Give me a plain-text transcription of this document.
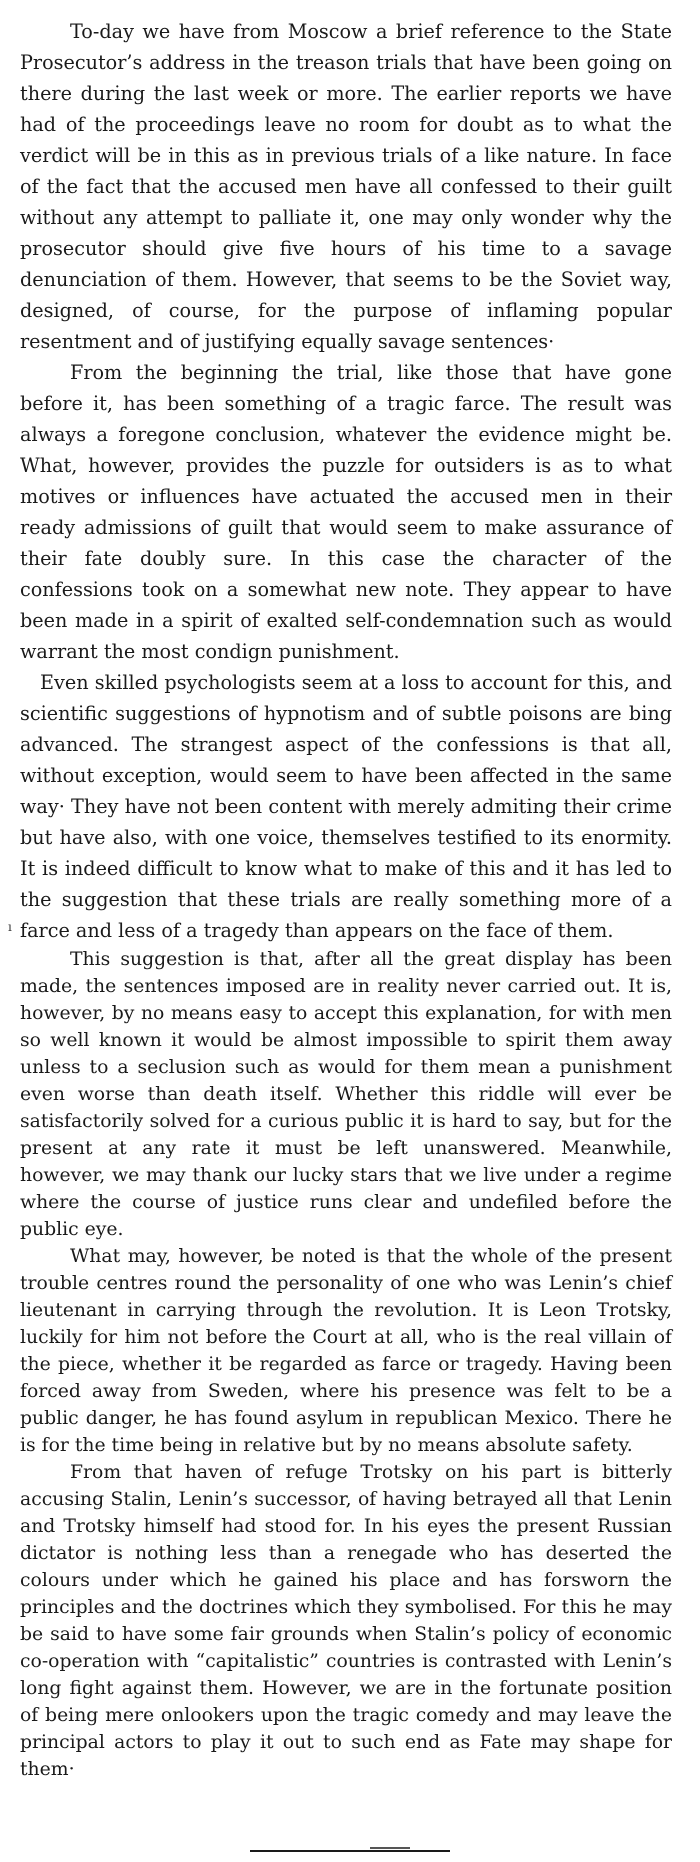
To-day we have from Moscow a brief reference to the State Prosecutor’s address in the treason trials that have been going on there during the last week or more. The earlier reports we have had of the proceedings leave no room for doubt as to what the verdict will be in this as in previous trials of a like nature. In face of the fact that the accused men have all confessed to their guilt without any attempt to palliate it, one may only wonder why the prosecutor should give five hours of his time to a savage denunciation of them. However, that seems to be the Soviet way, designed, of course, for the purpose of inflaming popular resentment and of justifying equally savage sentences·

From the beginning the trial, like those that have gone before it, has been something of a tragic farce. The result was always a foregone conclusion, whatever the evidence might be. What, however, provides the puzzle for outsiders is as to what motives or influences have actuated the accused men in their ready admissions of guilt that would seem to make assurance of their fate doubly sure. In this case the character of the confessions took on a somewhat new note. They appear to have been made in a spirit of exalted self-condemnation such as would warrant the most condign punishment.

Even skilled psychologists seem at a loss to account for this, and scientific suggestions of hypnotism and of subtle poisons are bing advanced. The strangest aspect of the confessions is that all, without exception, would seem to have been affected in the same way· They have not been content with merely admiting their crime but have also, with one voice, themselves testified to its enormity. It is indeed difficult to know what to make of this and it has led to the suggestion that these trials are really something more of a farce and less of a tragedy than appears on the face of them.

This suggestion is that, after all the great display has been made, the sentences imposed are in reality never carried out. It is, however, by no means easy to accept this explanation, for with men so well known it would be almost impossible to spirit them away unless to a seclusion such as would for them mean a punishment even worse than death itself. Whether this riddle will ever be satisfactorily solved for a curious public it is hard to say, but for the present at any rate it must be left unanswered. Meanwhile, however, we may thank our lucky stars that we live under a regime where the course of justice runs clear and undefiled before the public eye.

What may, however, be noted is that the whole of the present trouble centres round the personality of one who was Lenin’s chief lieutenant in carrying through the revolution. It is Leon Trotsky, luckily for him not before the Court at all, who is the real villain of the piece, whether it be regarded as farce or tragedy. Having been forced away from Sweden, where his presence was felt to be a public danger, he has found asylum in republican Mexico. There he is for the time being in relative but by no means absolute safety.

From that haven of refuge Trotsky on his part is bitterly accusing Stalin, Lenin’s successor, of having betrayed all that Lenin and Trotsky himself had stood for. In his eyes the present Russian dictator is nothing less than a renegade who has deserted the colours under which he gained his place and has forsworn the principles and the doctrines which they symbolised. For this he may be said to have some fair grounds when Stalin’s policy of economic co-operation with “capitalistic” countries is contrasted with Lenin’s long fight against them. However, we are in the fortunate position of being mere onlookers upon the tragic comedy and may leave the principal actors to play it out to such end as Fate may shape for them·

ı
